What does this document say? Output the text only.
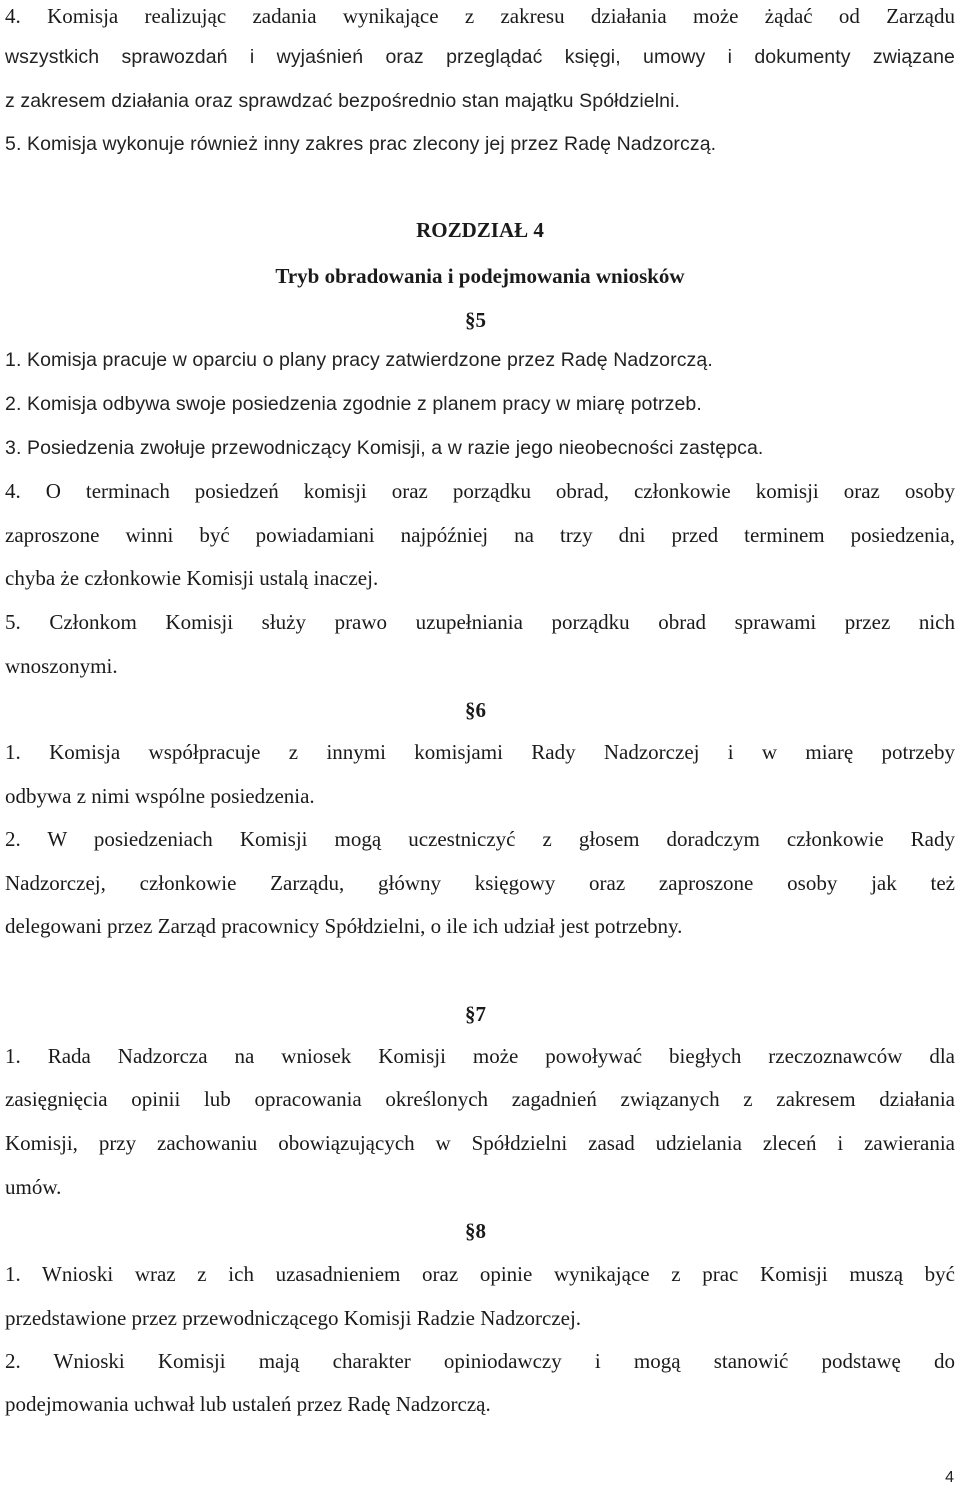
4. Komisja realizując zadania wynikające z zakresu działania może żądać od Zarządu
wszystkich sprawozdań i wyjaśnień oraz przeglądać księgi, umowy i dokumenty związane
z zakresem działania oraz sprawdzać bezpośrednio stan majątku Spółdzielni.
5. Komisja wykonuje również inny zakres prac zlecony jej przez Radę Nadzorczą.
ROZDZIAŁ 4
Tryb obradowania i podejmowania wniosków
§5
1. Komisja pracuje w oparciu o plany pracy zatwierdzone przez Radę Nadzorczą.
2. Komisja odbywa swoje posiedzenia zgodnie z planem pracy w miarę potrzeb.
3. Posiedzenia zwołuje przewodniczący Komisji, a w razie jego nieobecności zastępca.
4. O terminach posiedzeń komisji oraz porządku obrad, członkowie komisji oraz osoby
zaproszone winni być powiadamiani najpóźniej na trzy dni przed terminem posiedzenia,
chyba że członkowie Komisji ustalą inaczej.
5. Członkom Komisji służy prawo uzupełniania porządku obrad sprawami przez nich
wnoszonymi.
§6
1. Komisja współpracuje z innymi komisjami Rady Nadzorczej i w miarę potrzeby
odbywa z nimi wspólne posiedzenia.
2. W posiedzeniach Komisji mogą uczestniczyć z głosem doradczym członkowie Rady
Nadzorczej, członkowie Zarządu, główny księgowy oraz zaproszone osoby jak też
delegowani przez Zarząd pracownicy Spółdzielni, o ile ich udział jest potrzebny.
§7
1. Rada Nadzorcza na wniosek Komisji może powoływać biegłych rzeczoznawców dla
zasięgnięcia opinii lub opracowania określonych zagadnień związanych z zakresem działania
Komisji, przy zachowaniu obowiązujących w Spółdzielni zasad udzielania zleceń i zawierania
umów.
§8
1. Wnioski wraz z ich uzasadnieniem oraz opinie wynikające z prac Komisji muszą być
przedstawione przez przewodniczącego Komisji Radzie Nadzorczej.
2. Wnioski Komisji mają charakter opiniodawczy i mogą stanowić podstawę do
podejmowania uchwał lub ustaleń przez Radę Nadzorczą.
4
